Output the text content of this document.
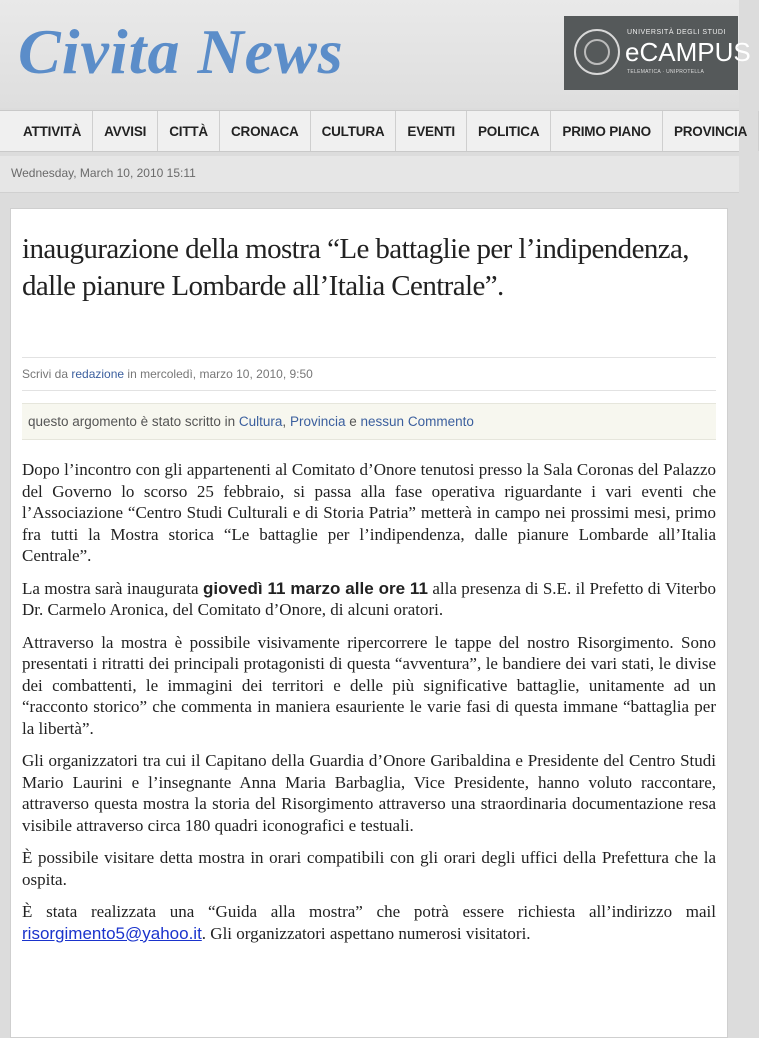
Civita News	UNIVERSITÀ DEGLI STUDI
eCAMPUS
TELEMATICA · UNIPROTELLA
ATTIVITÀ	AVVISI	CITTÀ	CRONACA	CULTURA	EVENTI	POLITICA	PRIMO PIANO	PROVINCIA
Wednesday, March 10, 2010 15:11
inaugurazione della mostra “Le battaglie per l’indipendenza, dalle pianure Lombarde all’Italia Centrale”.
Scrivi da redazione in mercoledì, marzo 10, 2010, 9:50
questo argomento è stato scritto in Cultura, Provincia e nessun Commento

Dopo l’incontro con gli appartenenti al Comitato d’Onore tenutosi presso la Sala Coronas del Palazzo del Governo lo scorso 25 febbraio, si passa alla fase operativa riguardante i vari eventi che l’Associazione “Centro Studi Culturali e di Storia Patria” metterà in campo nei prossimi mesi, primo fra tutti la Mostra storica “Le battaglie per l’indipendenza, dalle pianure Lombarde all’Italia Centrale”.

La mostra sarà inaugurata giovedì 11 marzo alle ore 11 alla presenza di S.E. il Prefetto di Viterbo Dr. Carmelo Aronica, del Comitato d’Onore, di alcuni oratori.

Attraverso la mostra è possibile visivamente ripercorrere le tappe del nostro Risorgimento. Sono presentati i ritratti dei principali protagonisti di questa “avventura”, le bandiere dei vari stati, le divise dei combattenti, le immagini dei territori e delle più significative battaglie, unitamente ad un “racconto storico” che commenta in maniera esauriente le varie fasi di questa immane “battaglia per la libertà”.

Gli organizzatori tra cui il Capitano della Guardia d’Onore Garibaldina e Presidente del Centro Studi Mario Laurini e l’insegnante Anna Maria Barbaglia, Vice Presidente, hanno voluto raccontare, attraverso questa mostra la storia del Risorgimento attraverso una straordinaria documentazione resa visibile attraverso circa 180 quadri iconografici e testuali.

È possibile visitare detta mostra in orari compatibili con gli orari degli uffici della Prefettura che la ospita.

È stata realizzata una “Guida alla mostra” che potrà essere richiesta all’indirizzo mail risorgimento5@yahoo.it. Gli organizzatori aspettano numerosi visitatori.
